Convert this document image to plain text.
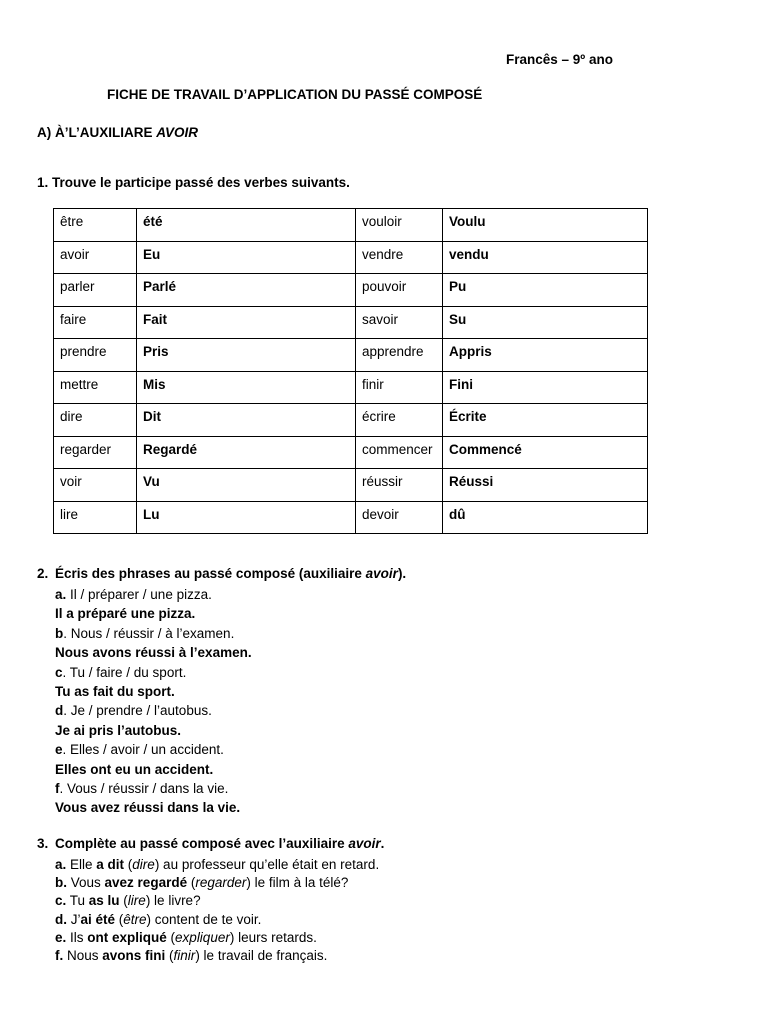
Francês – 9º ano
FICHE DE TRAVAIL D’APPLICATION DU PASSÉ COMPOSÉ
A) À’L’AUXILIARE AVOIR
1. Trouve le participe passé des verbes suivants.
être	été	vouloir	Voulu
avoir	Eu	vendre	vendu
parler	Parlé	pouvoir	Pu
faire	Fait	savoir	Su
prendre	Pris	apprendre	Appris
mettre	Mis	finir	Fini
dire	Dit	écrire	Écrite
regarder	Regardé	commencer	Commencé
voir	Vu	réussir	Réussi
lire	Lu	devoir	dû
2. Écris des phrases au passé composé (auxiliaire avoir).
a. Il / préparer / une pizza.
Il a préparé une pizza.
b. Nous / réussir / à l’examen.
Nous avons réussi à l’examen.
c. Tu / faire / du sport.
Tu as fait du sport.
d. Je / prendre / l’autobus.
Je ai pris l’autobus.
e. Elles / avoir / un accident.
Elles ont eu un accident.
f. Vous / réussir / dans la vie.
Vous avez réussi dans la vie.
3. Complète au passé composé avec l’auxiliaire avoir.
a. Elle a dit (dire) au professeur qu’elle était en retard.
b. Vous avez regardé (regarder) le film à la télé?
c. Tu as lu (lire) le livre?
d. J’ai été (être) content de te voir.
e. Ils ont expliqué (expliquer) leurs retards.
f. Nous avons fini (finir) le travail de français.
